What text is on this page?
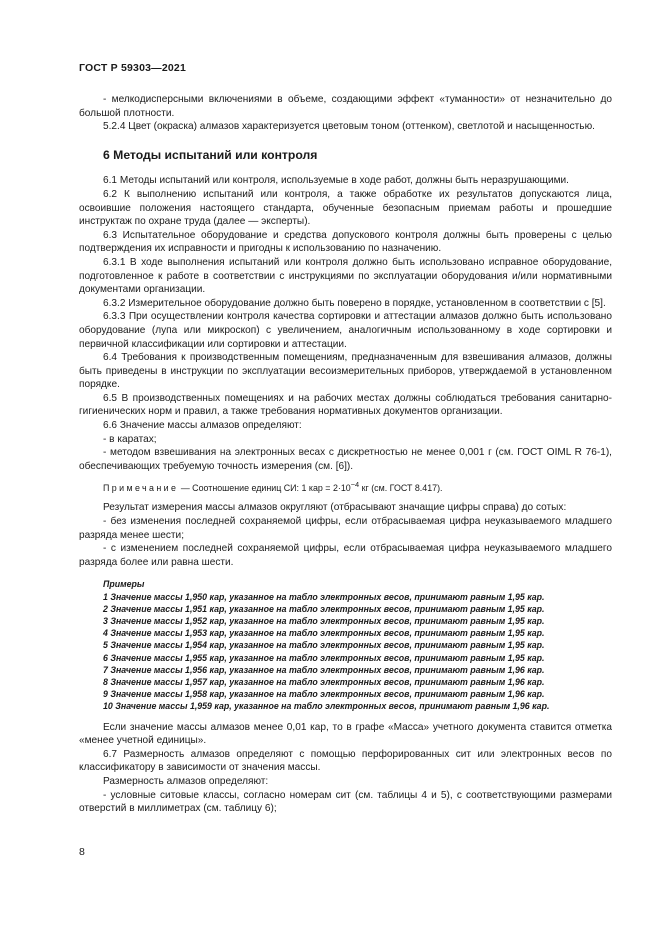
ГОСТ Р 59303—2021

- мелкодисперсными включениями в объеме, создающими эффект «туманности» от незначительно до большой плотности.

5.2.4 Цвет (окраска) алмазов характеризуется цветовым тоном (оттенком), светлотой и насыщенностью.

6 Методы испытаний или контроля

6.1 Методы испытаний или контроля, используемые в ходе работ, должны быть неразрушающими.

6.2 К выполнению испытаний или контроля, а также обработке их результатов допускаются лица, освоившие положения настоящего стандарта, обученные безопасным приемам работы и прошедшие инструктаж по охране труда (далее — эксперты).

6.3 Испытательное оборудование и средства допускового контроля должны быть проверены с целью подтверждения их исправности и пригодны к использованию по назначению.

6.3.1 В ходе выполнения испытаний или контроля должно быть использовано исправное оборудование, подготовленное к работе в соответствии с инструкциями по эксплуатации оборудования и/или нормативными документами организации.

6.3.2 Измерительное оборудование должно быть поверено в порядке, установленном в соответствии с [5].

6.3.3 При осуществлении контроля качества сортировки и аттестации алмазов должно быть использовано оборудование (лупа или микроскоп) с увеличением, аналогичным использованному в ходе сортировки и первичной классификации или сортировки и аттестации.

6.4 Требования к производственным помещениям, предназначенным для взвешивания алмазов, должны быть приведены в инструкции по эксплуатации весоизмерительных приборов, утверждаемой в установленном порядке.

6.5 В производственных помещениях и на рабочих местах должны соблюдаться требования санитарно-гигиенических норм и правил, а также требования нормативных документов организации.

6.6 Значение массы алмазов определяют:

- в каратах;

- методом взвешивания на электронных весах с дискретностью не менее 0,001 г (см. ГОСТ OIML R 76-1), обеспечивающих требуемую точность измерения (см. [6]).

Примечание — Соотношение единиц СИ: 1 кар = $2\cdot 10^{-4}$ кг (см. ГОСТ 8.417).

Результат измерения массы алмазов округляют (отбрасывают значащие цифры справа) до сотых:

- без изменения последней сохраняемой цифры, если отбрасываемая цифра неуказываемого младшего разряда менее шести;

- с изменением последней сохраняемой цифры, если отбрасываемая цифра неуказываемого младшего разряда более или равна шести.

Примеры

1 Значение массы 1,950 кар, указанное на табло электронных весов, принимают равным 1,95 кар.

2 Значение массы 1,951 кар, указанное на табло электронных весов, принимают равным 1,95 кар.

3 Значение массы 1,952 кар, указанное на табло электронных весов, принимают равным 1,95 кар.

4 Значение массы 1,953 кар, указанное на табло электронных весов, принимают равным 1,95 кар.

5 Значение массы 1,954 кар, указанное на табло электронных весов, принимают равным 1,95 кар.

6 Значение массы 1,955 кар, указанное на табло электронных весов, принимают равным 1,95 кар.

7 Значение массы 1,956 кар, указанное на табло электронных весов, принимают равным 1,96 кар.

8 Значение массы 1,957 кар, указанное на табло электронных весов, принимают равным 1,96 кар.

9 Значение массы 1,958 кар, указанное на табло электронных весов, принимают равным 1,96 кар.

10 Значение массы 1,959 кар, указанное на табло электронных весов, принимают равным 1,96 кар.

Если значение массы алмазов менее 0,01 кар, то в графе «Масса» учетного документа ставится отметка «менее учетной единицы».

6.7 Размерность алмазов определяют с помощью перфорированных сит или электронных весов по классификатору в зависимости от значения массы.

Размерность алмазов определяют:

- условные ситовые классы, согласно номерам сит (см. таблицы 4 и 5), с соответствующими размерами отверстий в миллиметрах (см. таблицу 6);

8
